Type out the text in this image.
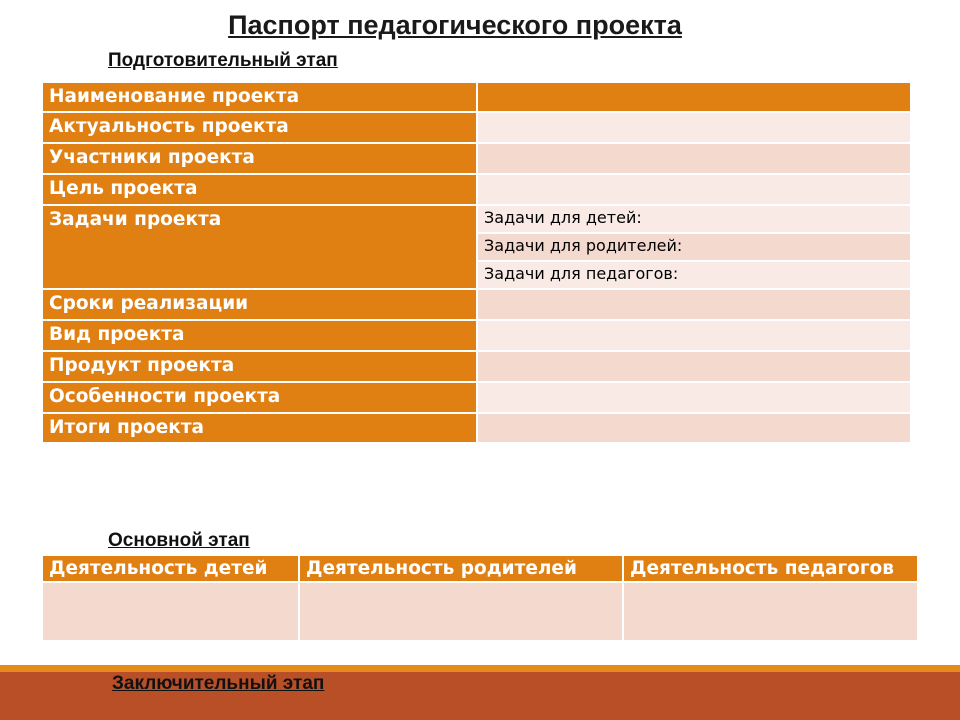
Паспорт педагогического проекта
Подготовительный этап
Наименование проекта	
Актуальность проекта	
Участники проекта	
Цель проекта	
Задачи проекта	Задачи для детей:
	Задачи для родителей:
	Задачи для педагогов:
Сроки реализации	
Вид проекта	
Продукт проекта	
Особенности проекта	
Итоги проекта	
Основной этап
Деятельность детей	Деятельность родителей	Деятельность педагогов

Заключительный этап
